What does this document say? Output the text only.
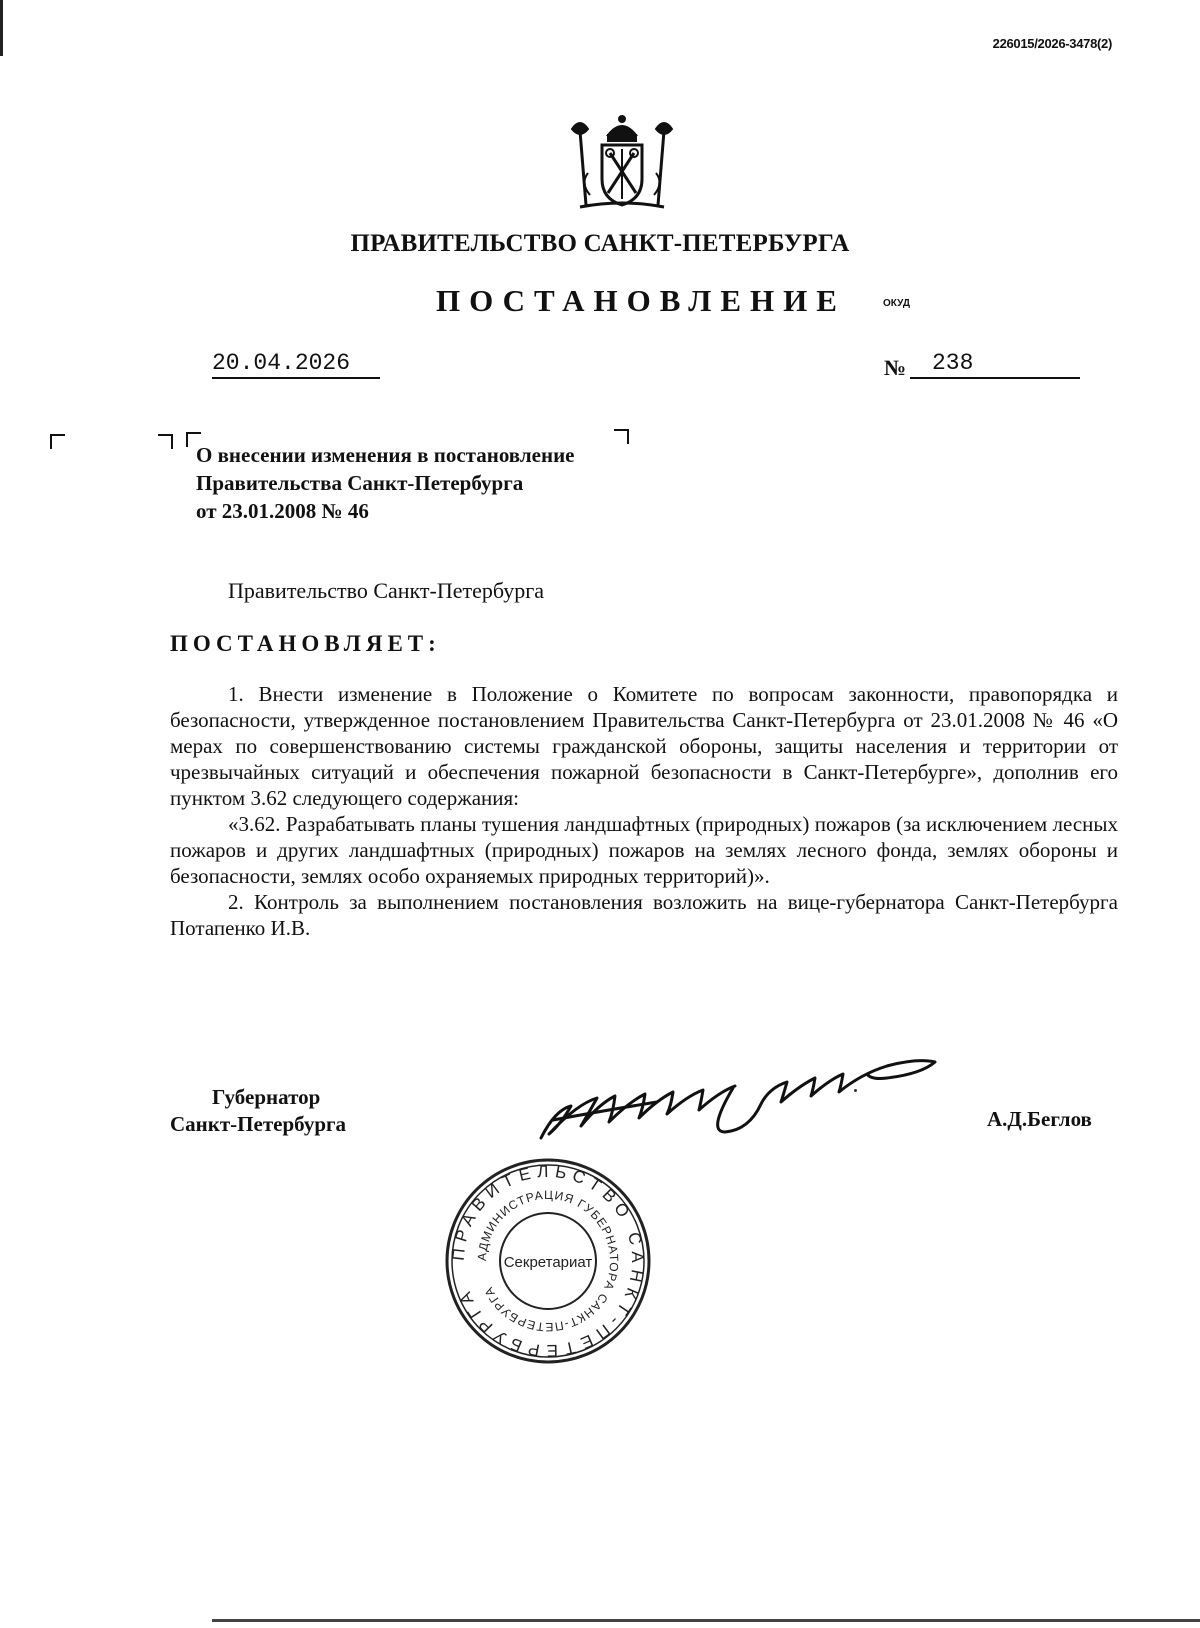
226015/2026-3478(2)
ПРАВИТЕЛЬСТВО САНКТ-ПЕТЕРБУРГА
ПОСТАНОВЛЕНИЕ	ОКУД
20.04.2026	№	238
О внесении изменения в постановление
Правительства Санкт-Петербурга
от 23.01.2008 № 46
Правительство Санкт-Петербурга
ПОСТАНОВЛЯЕТ:

1. Внести изменение в Положение о Комитете по вопросам законности, правопорядка и безопасности, утвержденное постановлением Правительства Санкт-Петербурга от 23.01.2008 № 46 «О мерах по совершенствованию системы гражданской обороны, защиты населения и территории от чрезвычайных ситуаций и обеспечения пожарной безопасности в Санкт-Петербурге», дополнив его пунктом 3.62 следующего содержания:

«3.62. Разрабатывать планы тушения ландшафтных (природных) пожаров (за исключением лесных пожаров и других ландшафтных (природных) пожаров на землях лесного фонда, землях обороны и безопасности, землях особо охраняемых природных территорий)».

2. Контроль за выполнением постановления возложить на вице-губернатора Санкт-Петербурга Потапенко И.В.

Губернатор
Санкт-Петербурга	А.Д.Беглов
ПРАВИТЕЛЬСТВО САНКТ-ПЕТЕРБУРГА
АДМИНИСТРАЦИЯ ГУБЕРНАТОРА САНКТ-ПЕТЕРБУРГА
Секретариат
